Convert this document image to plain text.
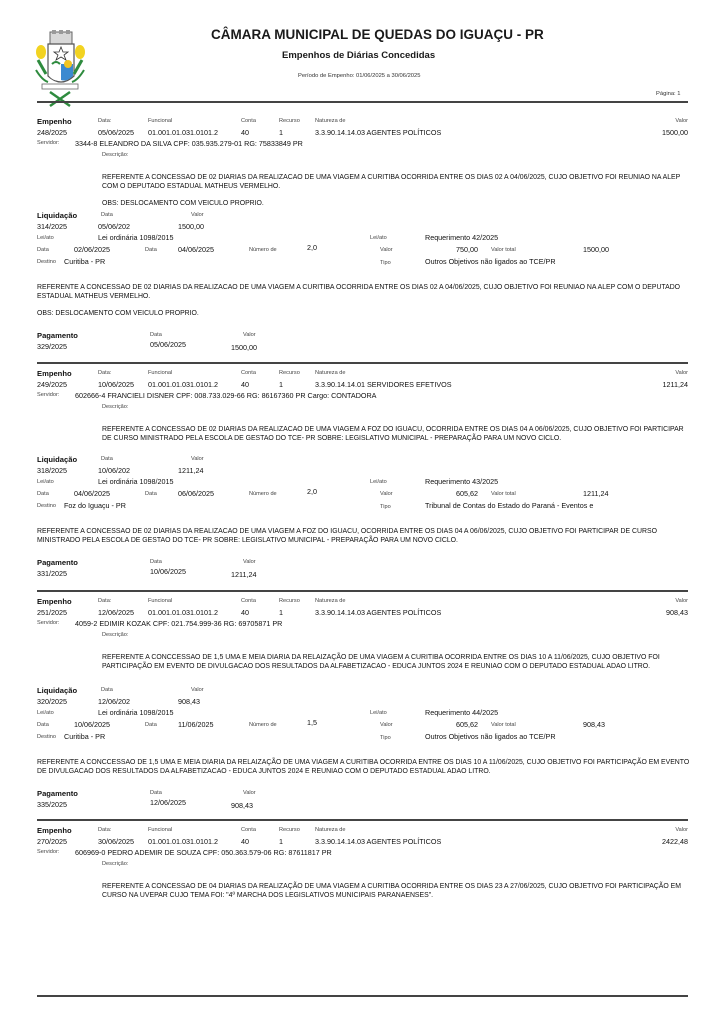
CÂMARA MUNICIPAL DE QUEDAS DO IGUAÇU - PR
Empenhos de Diárias Concedidas
Período de Empenho: 01/06/2025 a 30/06/2025
Página: 1
Empenho	Data:	Funcional	Conta	Recurso	Natureza de	Valor
248/2025	05/06/2025 01.001.01.031.0101.2	40	1	3.3.90.14.14.03 AGENTES POLÍTICOS	1500,00
Servidor: 3344-8 ELEANDRO DA SILVA CPF: 035.935.279-01 RG: 75833849 PR
Descrição:
REFERENTE A CONCESSAO DE 02 DIARIAS DA REALIZACAO DE UMA VIAGEM A CURITIBA OCORRIDA ENTRE OS DIAS 02 A 04/06/2025, CUJO OBJETIVO FOI REUNIAO NA ALEP COM O DEPUTADO ESTADUAL MATHEUS VERMELHO.
OBS: DESLOCAMENTO COM VEICULO PROPRIO.
Liquidação	Data	Valor
314/2025	05/06/202	1500,00
Lei/ato	Lei ordinária 1098/2015	Lei/ato	Requerimento 42/2025
Data	02/06/2025	Data	04/06/2025	Número de	2,0	Valor	750,00 Valor total	1500,00
Destino Curitiba - PR	Tipo	Outros Objetivos não ligados ao TCE/PR
REFERENTE A CONCESSAO DE 02 DIARIAS DA REALIZACAO DE UMA VIAGEM A CURITIBA OCORRIDA ENTRE OS DIAS 02 A 04/06/2025, CUJO OBJETIVO FOI REUNIAO NA ALEP COM O DEPUTADO ESTADUAL MATHEUS VERMELHO.
OBS: DESLOCAMENTO COM VEICULO PROPRIO.
Pagamento	Data	Valor
329/2025	05/06/2025	1500,00
Empenho	Data:	Funcional	Conta	Recurso	Natureza de	Valor
249/2025	10/06/2025 01.001.01.031.0101.2	40	1	3.3.90.14.14.01 SERVIDORES EFETIVOS	1211,24
Servidor: 602666-4 FRANCIELI DISNER CPF: 008.733.029-66 RG: 86167360 PR Cargo: CONTADORA
Descrição:
REFERENTE A CONCESSAO DE 02 DIARIAS DA REALIZACAO DE UMA VIAGEM A FOZ DO IGUACU, OCORRIDA ENTRE OS DIAS 04 A 06/06/2025, CUJO OBJETIVO FOI PARTICIPAR DE CURSO MINISTRADO PELA ESCOLA DE GESTAO DO TCE- PR SOBRE: LEGISLATIVO MUNICIPAL - PREPARAÇÃO PARA UM NOVO CICLO.
Liquidação	Data	Valor
318/2025	10/06/202	1211,24
Lei/ato	Lei ordinária 1098/2015	Lei/ato	Requerimento 43/2025
Data	04/06/2025	Data	06/06/2025	Número de	2,0	Valor	605,62 Valor total	1211,24
Destino Foz do Iguaçu - PR	Tipo	Tribunal de Contas do Estado do Paraná - Eventos e
REFERENTE A CONCESSAO DE 02 DIARIAS DA REALIZACAO DE UMA VIAGEM A FOZ DO IGUACU, OCORRIDA ENTRE OS DIAS 04 A 06/06/2025, CUJO OBJETIVO FOI PARTICIPAR DE CURSO MINISTRADO PELA ESCOLA DE GESTAO DO TCE- PR SOBRE: LEGISLATIVO MUNICIPAL - PREPARAÇÃO PARA UM NOVO CICLO.
Pagamento	Data	Valor
331/2025	10/06/2025	1211,24
Empenho	Data:	Funcional	Conta	Recurso	Natureza de	Valor
251/2025	12/06/2025 01.001.01.031.0101.2	40	1	3.3.90.14.14.03 AGENTES POLÍTICOS	908,43
Servidor: 4059-2 EDIMIR KOZAK CPF: 021.754.999-36 RG: 69705871 PR
Descrição:
REFERENTE A CONCCESSAO DE 1,5 UMA E MEIA DIARIA DA RELAIZAÇÃO DE UMA VIAGEM A CURITIBA OCORRIDA ENTRE OS DIAS 10 A 11/06/2025, CUJO OBJETIVO FOI PARTICIPAÇÃO EM EVENTO DE DIVULGACAO DOS RESULTADOS DA ALFABETIZACAO - EDUCA JUNTOS 2024 E REUNIAO COM O DEPUTADO ESTADUAL ADAO LITRO.
Liquidação	Data	Valor
320/2025	12/06/202	908,43
Lei/ato	Lei ordinária 1098/2015	Lei/ato	Requerimento 44/2025
Data	10/06/2025	Data	11/06/2025	Número de	1,5	Valor	605,62 Valor total	908,43
Destino Curitiba - PR	Tipo	Outros Objetivos não ligados ao TCE/PR
REFERENTE A CONCCESSAO DE 1,5 UMA E MEIA DIARIA DA RELAIZAÇÃO DE UMA VIAGEM A CURITIBA OCORRIDA ENTRE OS DIAS 10 A 11/06/2025, CUJO OBJETIVO FOI PARTICIPAÇÃO EM EVENTO DE DIVULGACAO DOS RESULTADOS DA ALFABETIZACAO - EDUCA JUNTOS 2024 E REUNIAO COM O DEPUTADO ESTADUAL ADAO LITRO.
Pagamento	Data	Valor
335/2025	12/06/2025	908,43
Empenho	Data:	Funcional	Conta	Recurso	Natureza de	Valor
270/2025	30/06/2025 01.001.01.031.0101.2	40	1	3.3.90.14.14.03 AGENTES POLÍTICOS	2422,48
Servidor: 606969-0 PEDRO ADEMIR DE SOUZA CPF: 050.363.579-06 RG: 87611817 PR
Descrição:
REFERENTE A CONCESSAO DE 04 DIARIAS DA REALIZAÇÃO DE UMA VIAGEM A CURITIBA OCORRIDA ENTRE OS DIAS 23 A 27/06/2025, CUJO OBJETIVO FOI PARTICIPAÇÃO EM CURSO NA UVEPAR CUJO TEMA FOI: "4º MARCHA DOS LEGISLATIVOS MUNICIPAIS PARANAENSES".
